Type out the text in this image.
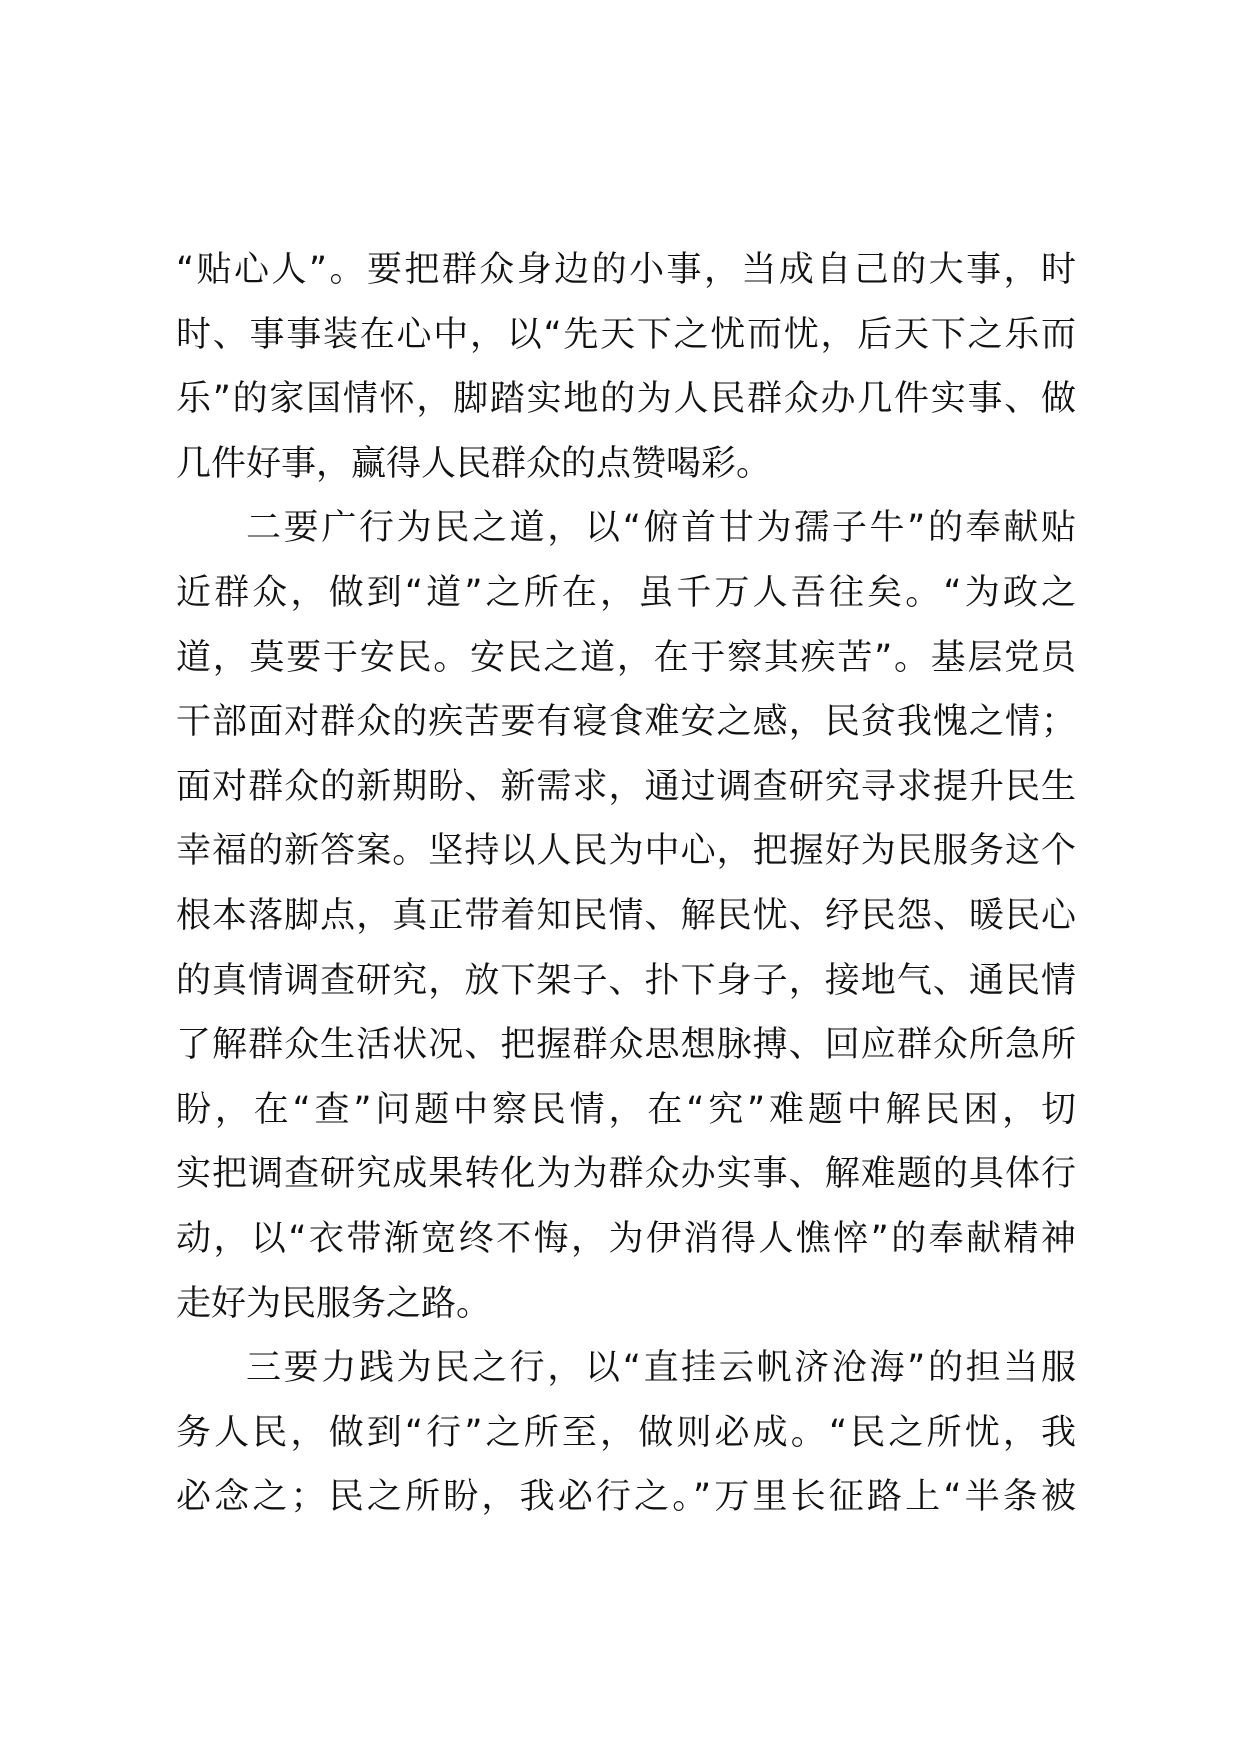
“贴心人”。要把群众身边的小事，当成自己的大事，时
时、事事装在心中，以“先天下之忧而忧，后天下之乐而
乐”的家国情怀，脚踏实地的为人民群众办几件实事、做
几件好事，赢得人民群众的点赞喝彩。
二要广行为民之道，以“俯首甘为孺子牛”的奉献贴
近群众，做到“道”之所在，虽千万人吾往矣。“为政之
道，莫要于安民。安民之道，在于察其疾苦”。基层党员
干部面对群众的疾苦要有寝食难安之感，民贫我愧之情；
面对群众的新期盼、新需求，通过调查研究寻求提升民生
幸福的新答案。坚持以人民为中心，把握好为民服务这个
根本落脚点，真正带着知民情、解民忧、纾民怨、暖民心
的真情调查研究，放下架子、扑下身子，接地气、通民情
了解群众生活状况、把握群众思想脉搏、回应群众所急所
盼，在“查”问题中察民情，在“究”难题中解民困，切
实把调查研究成果转化为为群众办实事、解难题的具体行
动，以“衣带渐宽终不悔，为伊消得人憔悴”的奉献精神
走好为民服务之路。
三要力践为民之行，以“直挂云帆济沧海”的担当服
务人民，做到“行”之所至，做则必成。“民之所忧，我
必念之；民之所盼，我必行之。”万里长征路上“半条被
